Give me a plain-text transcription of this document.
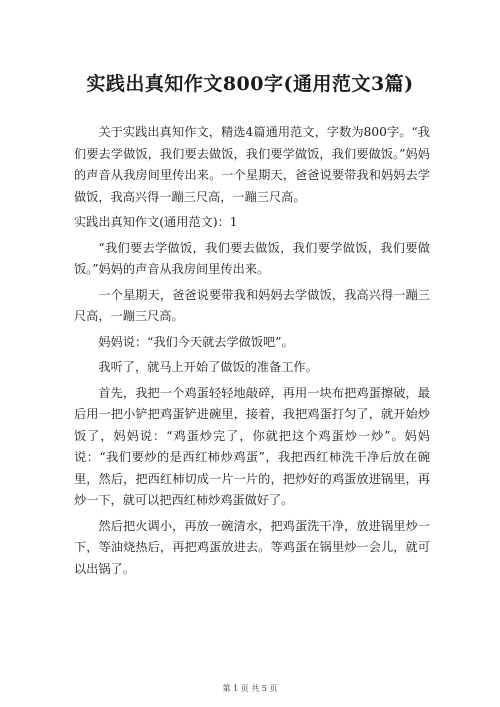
实践出真知作文800字(通用范文3篇)

关于实践出真知作文，精选4篇通用范文，字数为800字。“我们要去学做饭，我们要去做饭，我们要学做饭，我们要做饭。”妈妈的声音从我房间里传出来。一个星期天，爸爸说要带我和妈妈去学做饭，我高兴得一蹦三尺高，一蹦三尺高。

实践出真知作文(通用范文)：1

“我们要去学做饭，我们要去做饭，我们要学做饭，我们要做饭。”妈妈的声音从我房间里传出来。

一个星期天，爸爸说要带我和妈妈去学做饭，我高兴得一蹦三尺高，一蹦三尺高。

妈妈说：“我们今天就去学做饭吧”。

我听了，就马上开始了做饭的准备工作。

首先，我把一个鸡蛋轻轻地敲碎，再用一块布把鸡蛋擦破，最后用一把小铲把鸡蛋铲进碗里，接着，我把鸡蛋打匀了，就开始炒饭了，妈妈说：“鸡蛋炒完了，你就把这个鸡蛋炒一炒”。妈妈说：“我们要炒的是西红柿炒鸡蛋”，我把西红柿洗干净后放在碗里，然后，把西红柿切成一片一片的，把炒好的鸡蛋放进锅里，再炒一下，就可以把西红柿炒鸡蛋做好了。

然后把火调小，再放一碗清水，把鸡蛋洗干净，放进锅里炒一下，等油烧热后，再把鸡蛋放进去。等鸡蛋在锅里炒一会儿，就可以出锅了。

第 1 页 共 5 页
